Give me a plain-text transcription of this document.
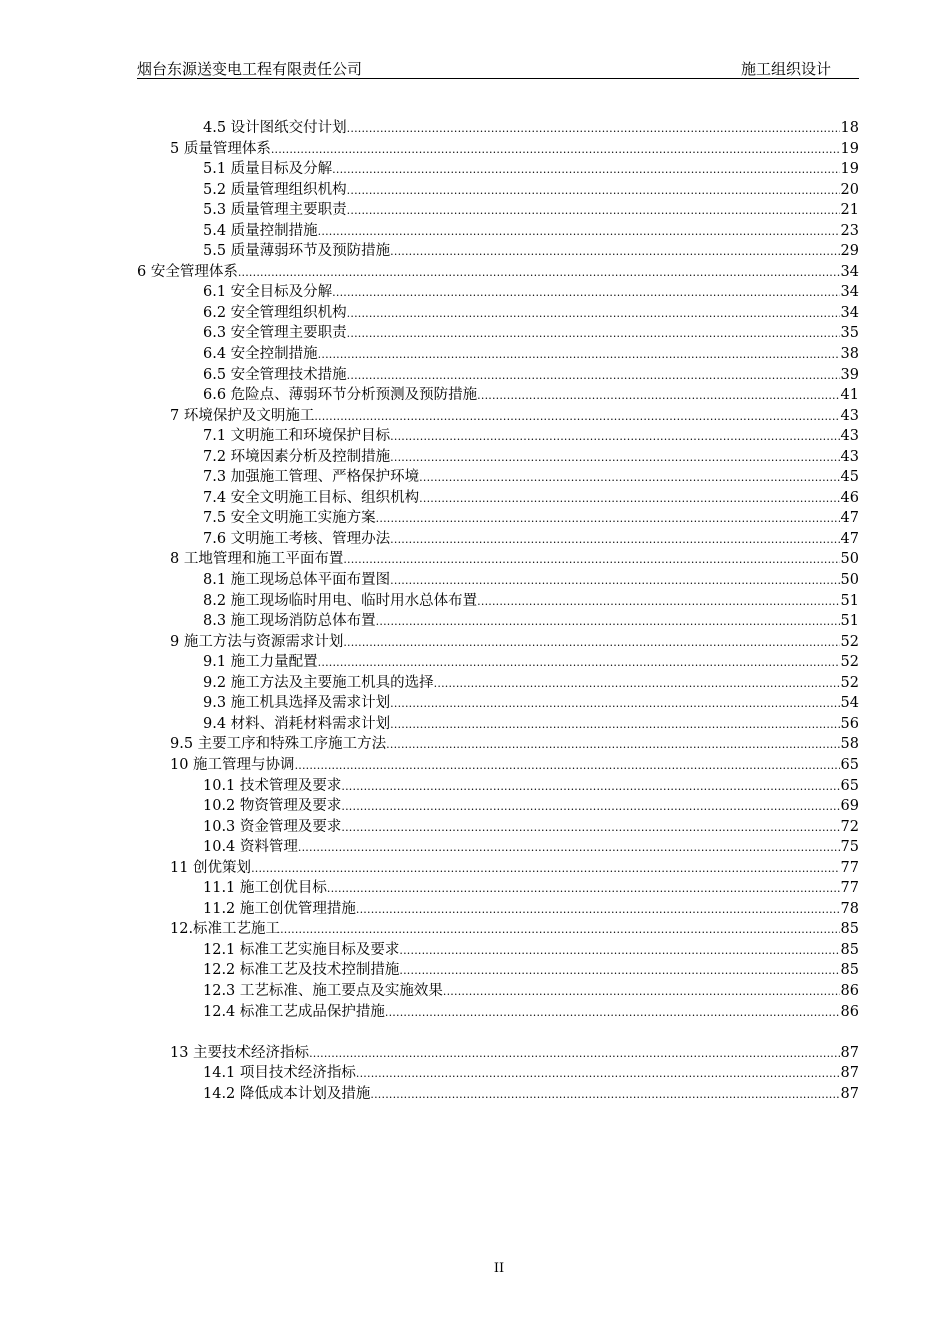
烟台东源送变电工程有限责任公司	施工组织设计
4.5 设计图纸交付计划 .....	18
5 质量管理体系 .....	19
5.1 质量目标及分解 .....	19
5.2 质量管理组织机构 .....	20
5.3 质量管理主要职责 .....	21
5.4 质量控制措施 .....	23
5.5 质量薄弱环节及预防措施 .....	29
6 安全管理体系 .....	34
6.1 安全目标及分解 .....	34
6.2 安全管理组织机构 .....	34
6.3 安全管理主要职责 .....	35
6.4 安全控制措施 .....	38
6.5 安全管理技术措施 .....	39
6.6 危险点、薄弱环节分析预测及预防措施 .....	41
7 环境保护及文明施工 .....	43
7.1 文明施工和环境保护目标 .....	43
7.2 环境因素分析及控制措施 .....	43
7.3 加强施工管理、严格保护环境 .....	45
7.4 安全文明施工目标、组织机构 .....	46
7.5 安全文明施工实施方案 .....	47
7.6 文明施工考核、管理办法 .....	47
8 工地管理和施工平面布置 .....	50
8.1 施工现场总体平面布置图 .....	50
8.2 施工现场临时用电、临时用水总体布置 .....	51
8.3 施工现场消防总体布置 .....	51
9 施工方法与资源需求计划 .....	52
9.1 施工力量配置 .....	52
9.2 施工方法及主要施工机具的选择 .....	52
9.3 施工机具选择及需求计划 .....	54
9.4 材料、消耗材料需求计划 .....	56
9.5 主要工序和特殊工序施工方法 .....	58
10 施工管理与协调 .....	65
10.1 技术管理及要求 .....	65
10.2 物资管理及要求 .....	69
10.3 资金管理及要求 .....	72
10.4 资料管理 .....	75
11 创优策划 .....	77
11.1 施工创优目标 .....	77
11.2 施工创优管理措施 .....	78
12.标准工艺施工 .....	85
12.1 标准工艺实施目标及要求 .....	85
12.2 标准工艺及技术控制措施 .....	85
12.3 工艺标准、施工要点及实施效果 .....	86
12.4 标准工艺成品保护措施 .....	86
13 主要技术经济指标 .....	87
14.1 项目技术经济指标 .....	87
14.2 降低成本计划及措施 .....	87
II
